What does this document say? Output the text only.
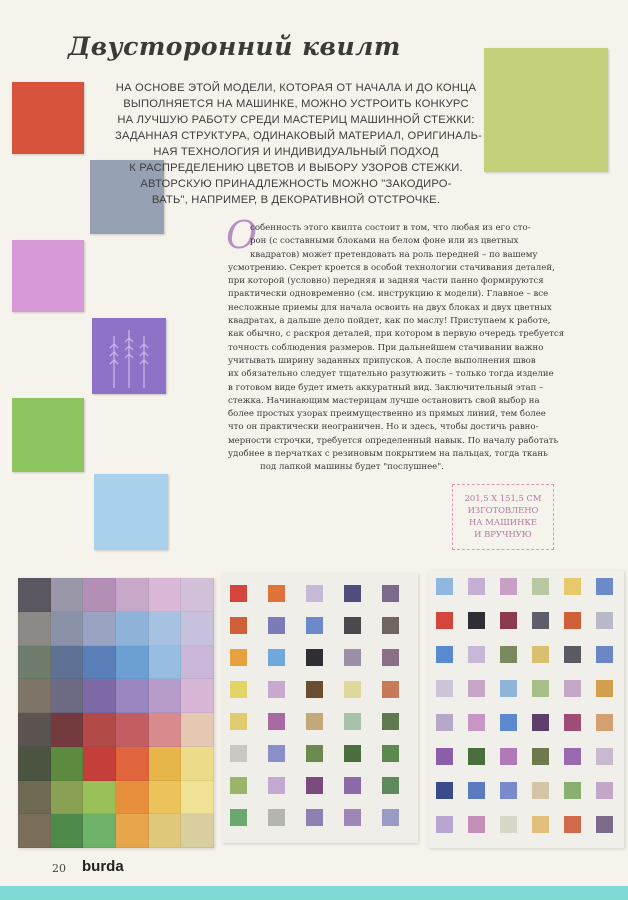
Двусторонний квилт
НА ОСНОВЕ ЭТОЙ МОДЕЛИ, КОТОРАЯ ОТ НАЧАЛА И ДО КОНЦА
ВЫПОЛНЯЕТСЯ НА МАШИНКЕ, МОЖНО УСТРОИТЬ КОНКУРС
НА ЛУЧШУЮ РАБОТУ СРЕДИ МАСТЕРИЦ МАШИННОЙ СТЕЖКИ:
ЗАДАННАЯ СТРУКТУРА, ОДИНАКОВЫЙ МАТЕРИАЛ, ОРИГИНАЛЬ-
НАЯ ТЕХНОЛОГИЯ И ИНДИВИДУАЛЬНЫЙ ПОДХОД
К РАСПРЕДЕЛЕНИЮ ЦВЕТОВ И ВЫБОРУ УЗОРОВ СТЕЖКИ.
АВТОРСКУЮ ПРИНАДЛЕЖНОСТЬ МОЖНО "ЗАКОДИРО-
ВАТЬ", НАПРИМЕР, В ДЕКОРАТИВНОЙ ОТСТРОЧКЕ.
О
собенность этого квилта состоит в том, что любая из его сто-
рон (с составными блоками на белом фоне или из цветных
квадратов) может претендовать на роль передней – по вашему
усмотрению. Секрет кроется в особой технологии стачивания деталей,
при которой (условно) передняя и задняя части панно формируются
практически одновременно (см. инструкцию к модели). Главное – все
несложные приемы для начала освоить на двух блоках и двух цветных
квадратах, а дальше дело пойдет, как по маслу! Приступаем к работе,
как обычно, с раскроя деталей, при котором в первую очередь требуется
точность соблюдения размеров. При дальнейшем стачивании важно
учитывать ширину заданных припусков. А после выполнения швов
их обязательно следует тщательно разутюжить – только тогда изделие
в готовом виде будет иметь аккуратный вид. Заключительный этап –
стежка. Начинающим мастерицам лучше остановить свой выбор на
более простых узорах преимущественно из прямых линий, тем более
что он практически неограничен. Но и здесь, чтобы достичь равно-
мерности строчки, требуется определенный навык. По началу работать
удобнее в перчатках с резиновым покрытием на пальцах, тогда ткань
под лапкой машины будет "послушнее".
201,5 X 151,5 СМ
ИЗГОТОВЛЕНО
НА МАШИНКЕ
И ВРУЧНУЮ
20 burda
